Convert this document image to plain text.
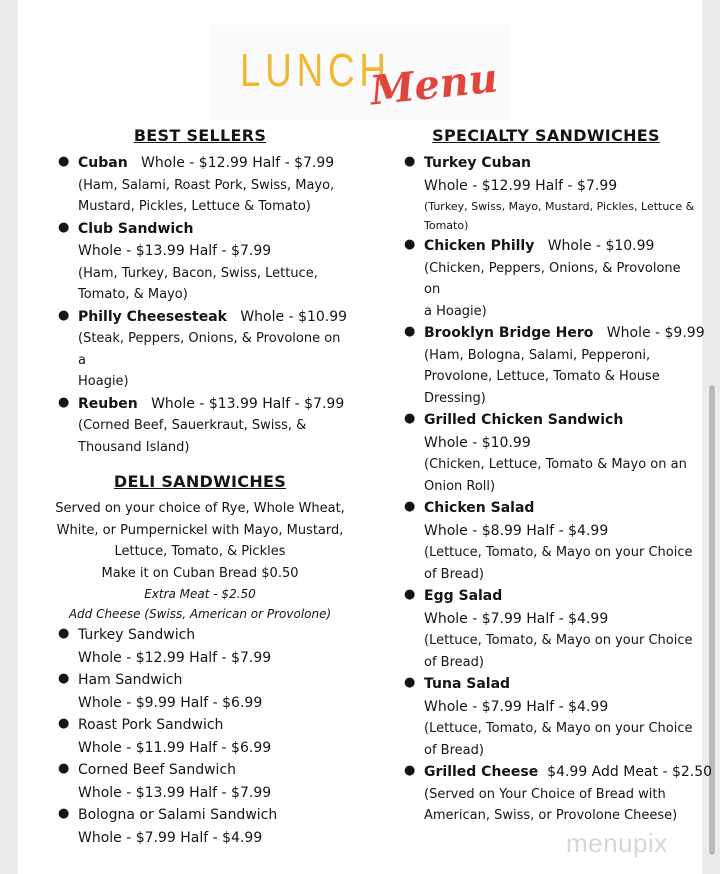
LUNCH
Menu
BEST SELLERS
● Cuban Whole - $12.99 Half - $7.99
(Ham, Salami, Roast Pork, Swiss, Mayo,
Mustard, Pickles, Lettuce & Tomato)
● Club Sandwich
Whole - $13.99 Half - $7.99
(Ham, Turkey, Bacon, Swiss, Lettuce,
Tomato, & Mayo)
● Philly Cheesesteak Whole - $10.99
(Steak, Peppers, Onions, & Provolone on a
Hoagie)
● Reuben Whole - $13.99 Half - $7.99
(Corned Beef, Sauerkraut, Swiss, &
Thousand Island)
DELI SANDWICHES
Served on your choice of Rye, Whole Wheat,
White, or Pumpernickel with Mayo, Mustard,
Lettuce, Tomato, & Pickles
Make it on Cuban Bread $0.50
Extra Meat - $2.50
Add Cheese (Swiss, American or Provolone)
● Turkey Sandwich
Whole - $12.99 Half - $7.99
● Ham Sandwich
Whole - $9.99 Half - $6.99
● Roast Pork Sandwich
Whole - $11.99 Half - $6.99
● Corned Beef Sandwich
Whole - $13.99 Half - $7.99
● Bologna or Salami Sandwich
Whole - $7.99 Half - $4.99
SPECIALTY SANDWICHES
● Turkey Cuban
Whole - $12.99 Half - $7.99
(Turkey, Swiss, Mayo, Mustard, Pickles, Lettuce &
Tomato)
● Chicken Philly Whole - $10.99
(Chicken, Peppers, Onions, & Provolone on
a Hoagie)
● Brooklyn Bridge Hero Whole - $9.99
(Ham, Bologna, Salami, Pepperoni,
Provolone, Lettuce, Tomato & House
Dressing)
● Grilled Chicken Sandwich
Whole - $10.99
(Chicken, Lettuce, Tomato & Mayo on an
Onion Roll)
● Chicken Salad
Whole - $8.99 Half - $4.99
(Lettuce, Tomato, & Mayo on your Choice
of Bread)
● Egg Salad
Whole - $7.99 Half - $4.99
(Lettuce, Tomato, & Mayo on your Choice
of Bread)
● Tuna Salad
Whole - $7.99 Half - $4.99
(Lettuce, Tomato, & Mayo on your Choice
of Bread)
● Grilled Cheese $4.99 Add Meat - $2.50
(Served on Your Choice of Bread with
American, Swiss, or Provolone Cheese)
menupix
